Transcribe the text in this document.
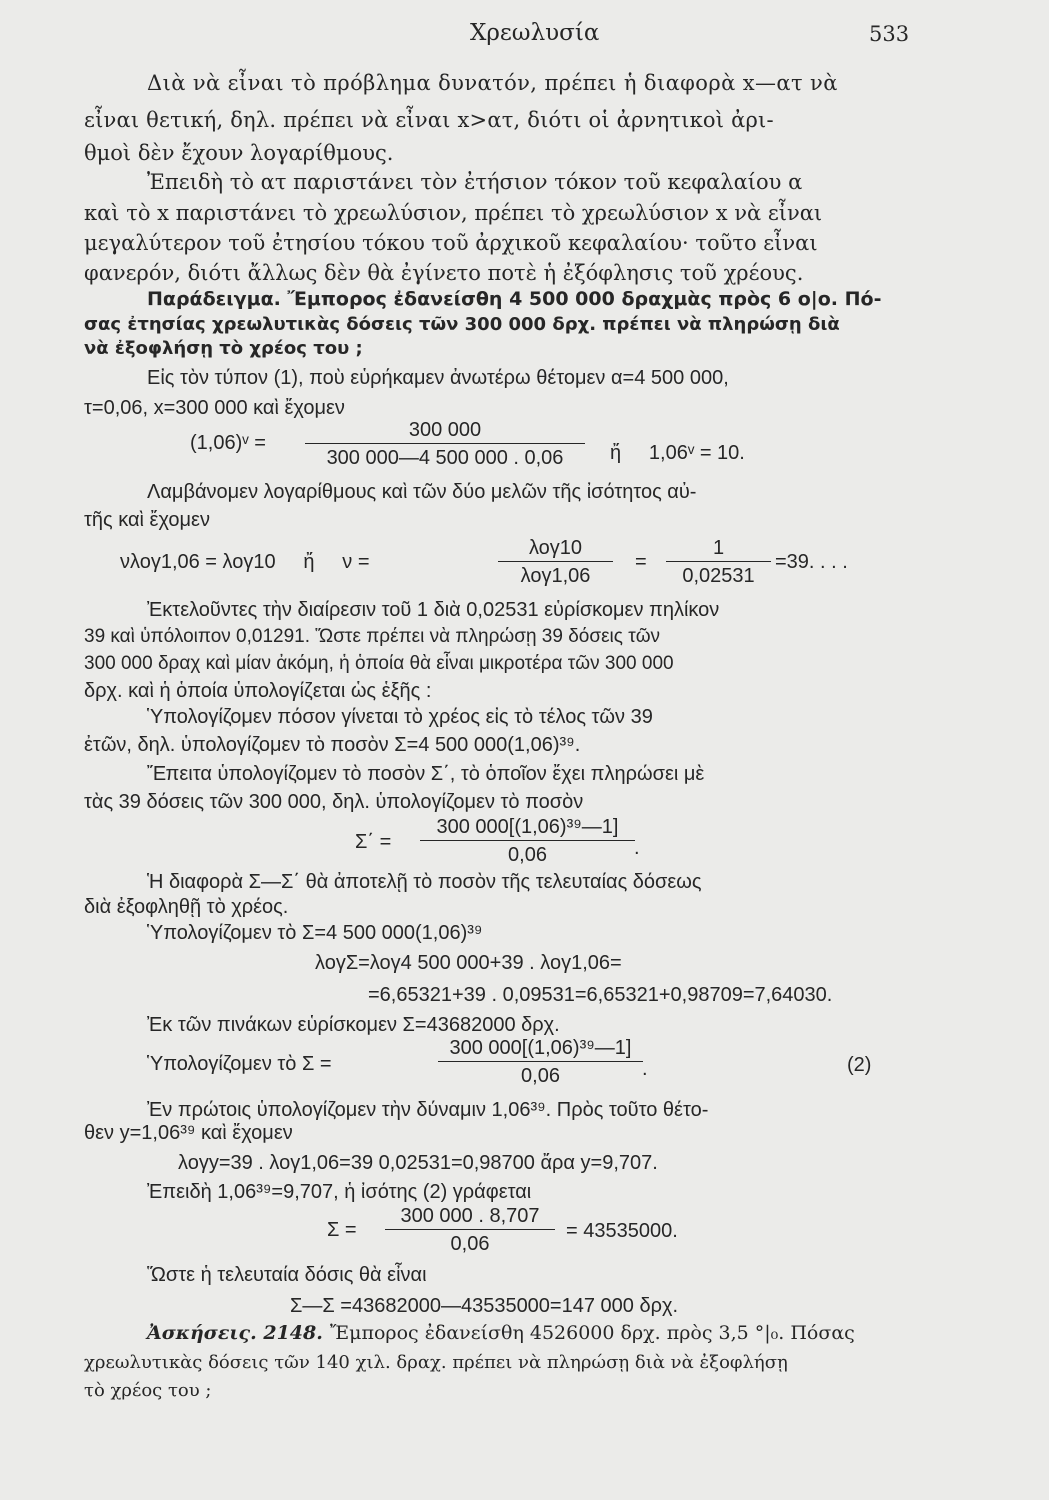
Χρεωλυσία	533
Διὰ νὰ εἶναι τὸ πρόβλημα δυνατόν, πρέπει ἡ διαφορὰ x—ατ νὰ
εἶναι θετική, δηλ. πρέπει νὰ εἶναι x>ατ, διότι οἱ ἀρνητικοὶ ἀρι-
θμοὶ δὲν ἔχουν λογαρίθμους.
Ἐπειδὴ τὸ ατ παριστάνει τὸν ἐτήσιον τόκον τοῦ κεφαλαίου α
καὶ τὸ x παριστάνει τὸ χρεωλύσιον, πρέπει τὸ χρεωλύσιον x νὰ εἶναι
μεγαλύτερον τοῦ ἐτησίου τόκου τοῦ ἀρχικοῦ κεφαλαίου· τοῦτο εἶναι
φανερόν, διότι ἄλλως δὲν θὰ ἐγίνετο ποτὲ ἡ ἐξόφλησις τοῦ χρέους.
Παράδειγμα. Ἔμπορος ἐδανείσθη 4 500 000 δραχμὰς πρὸς 6 ο|ο. Πό-
σας ἐτησίας χρεωλυτικὰς δόσεις τῶν 300 000 δρχ. πρέπει νὰ πληρώσῃ διὰ
νὰ ἐξοφλήσῃ τὸ χρέος του ;
Εἰς τὸν τύπον (1), ποὺ εὑρήκαμεν ἀνωτέρω θέτομεν α=4 500 000,
τ=0,06, x=300 000 καὶ ἔχομεν
(1,06)ᵛ = $\frac{300 000}{300 000—4 500 000 . 0,06}$ ἤ     1,06ᵛ = 10.
Λαμβάνομεν λογαρίθμους καὶ τῶν δύο μελῶν τῆς ἰσότητος αὐ-
τῆς καὶ ἔχομεν
νλογ1,06 = λογ10     ἤ     ν =
λογ10
λογ1,06
= $\frac{1}{0,02531} =39$. . . .
Ἐκτελοῦντες τὴν διαίρεσιν τοῦ 1 διὰ 0,02531 εὑρίσκομεν πηλίκον
39 καὶ ὑπόλοιπον 0,01291. Ὥστε πρέπει νὰ πληρώσῃ 39 δόσεις τῶν
300 000 δραχ καὶ μίαν ἀκόμη, ἡ ὁποία θὰ εἶναι μικροτέρα τῶν 300 000
δρχ. καὶ ἡ ὁποία ὑπολογίζεται ὡς ἑξῆς :
Ὑπολογίζομεν πόσον γίνεται τὸ χρέος εἰς τὸ τέλος τῶν 39
ἐτῶν, δηλ. ὑπολογίζομεν τὸ ποσὸν Σ=4 500 000(1,06)³⁹.
Ἔπειτα ὑπολογίζομεν τὸ ποσὸν Σ΄, τὸ ὁποῖον ἔχει πληρώσει μὲ
τὰς 39 δόσεις τῶν 300 000, δηλ. ὑπολογίζομεν τὸ ποσὸν
$\Sigma΄ = \frac{\text{300 000[(1,06)³⁹—1]}}{0,06}$ .
Ἡ διαφορὰ Σ—Σ΄ θὰ ἀποτελῇ τὸ ποσὸν τῆς τελευταίας δόσεως
διὰ ἐξοφληθῇ τὸ χρέος.
Ὑπολογίζομεν τὸ Σ=4 500 000(1,06)³⁹
λογΣ=λογ4 500 000+39 . λογ1,06=
=6,65321+39 . 0,09531=6,65321+0,98709=7,64030.
Ἐκ τῶν πινάκων εὑρίσκομεν Σ=43682000 δρχ.
Ὑπολογίζομεν τὸ Σ =	$\frac{\text{300 000[(1,06)³⁹—1]}}{0,06}$ .	(2)
Ἐν πρώτοις ὑπολογίζομεν τὴν δύναμιν 1,06³⁹. Πρὸς τοῦτο θέτο-
θεν y=1,06³⁹ καὶ ἔχομεν
λογy=39 . λογ1,06=39 0,02531=0,98700 ἄρα y=9,707.
Ἐπειδὴ 1,06³⁹=9,707, ἡ ἰσότης (2) γράφεται
$\Sigma = \frac{300 000 . 8,707}{0,06} = 43535000$.
Ὥστε ἡ τελευταία δόσις θὰ εἶναι
Σ—Σ =43682000—43535000=147 000 δρχ.
Ἀσκήσεις. 2148. Ἔμπορος ἐδανείσθη 4526000 δρχ. πρὸς 3,5 °|₀. Πόσας
χρεωλυτικὰς δόσεις τῶν 140 χιλ. δραχ. πρέπει νὰ πληρώσῃ διὰ νὰ ἐξοφλήσῃ
τὸ χρέος του ;
